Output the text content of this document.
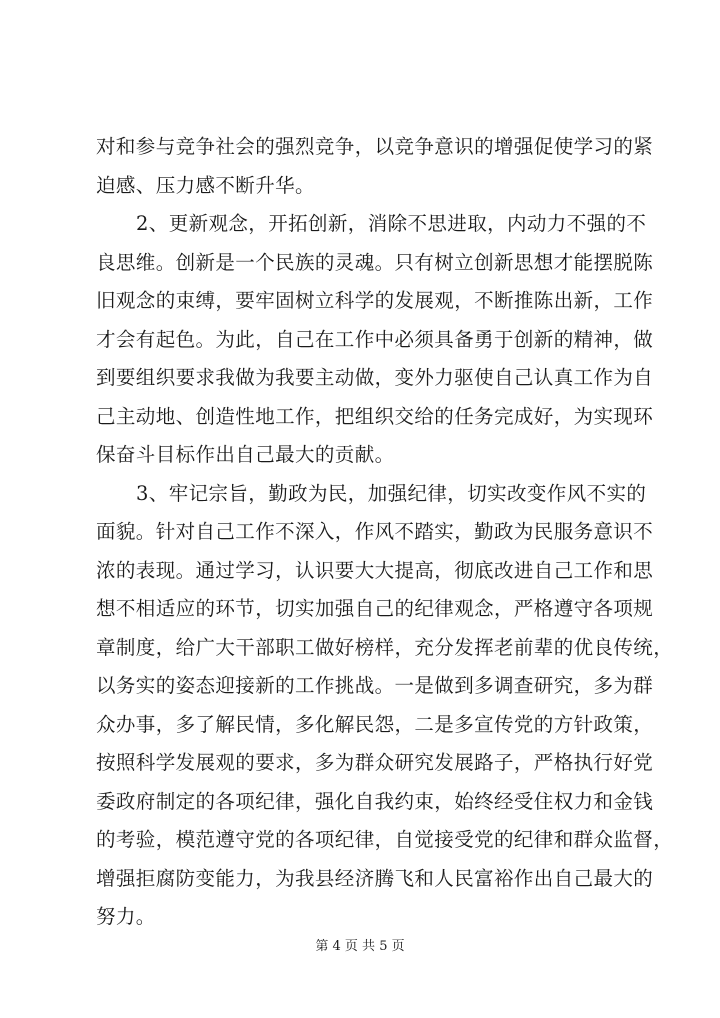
对和参与竞争社会的强烈竞争，以竞争意识的增强促使学习的紧
迫感、压力感不断升华。
2、更新观念，开拓创新，消除不思进取，内动力不强的不
良思维。创新是一个民族的灵魂。只有树立创新思想才能摆脱陈
旧观念的束缚，要牢固树立科学的发展观，不断推陈出新，工作
才会有起色。为此，自己在工作中必须具备勇于创新的精神，做
到要组织要求我做为我要主动做，变外力驱使自己认真工作为自
己主动地、创造性地工作，把组织交给的任务完成好，为实现环
保奋斗目标作出自己最大的贡献。
3、牢记宗旨，勤政为民，加强纪律，切实改变作风不实的
面貌。针对自己工作不深入，作风不踏实，勤政为民服务意识不
浓的表现。通过学习，认识要大大提高，彻底改进自己工作和思
想不相适应的环节，切实加强自己的纪律观念，严格遵守各项规
章制度，给广大干部职工做好榜样，充分发挥老前辈的优良传统，
以务实的姿态迎接新的工作挑战。一是做到多调查研究，多为群
众办事，多了解民情，多化解民怨，二是多宣传党的方针政策，
按照科学发展观的要求，多为群众研究发展路子，严格执行好党
委政府制定的各项纪律，强化自我约束，始终经受住权力和金钱
的考验，模范遵守党的各项纪律，自觉接受党的纪律和群众监督，
增强拒腐防变能力，为我县经济腾飞和人民富裕作出自己最大的
努力。
第 4 页 共 5 页
